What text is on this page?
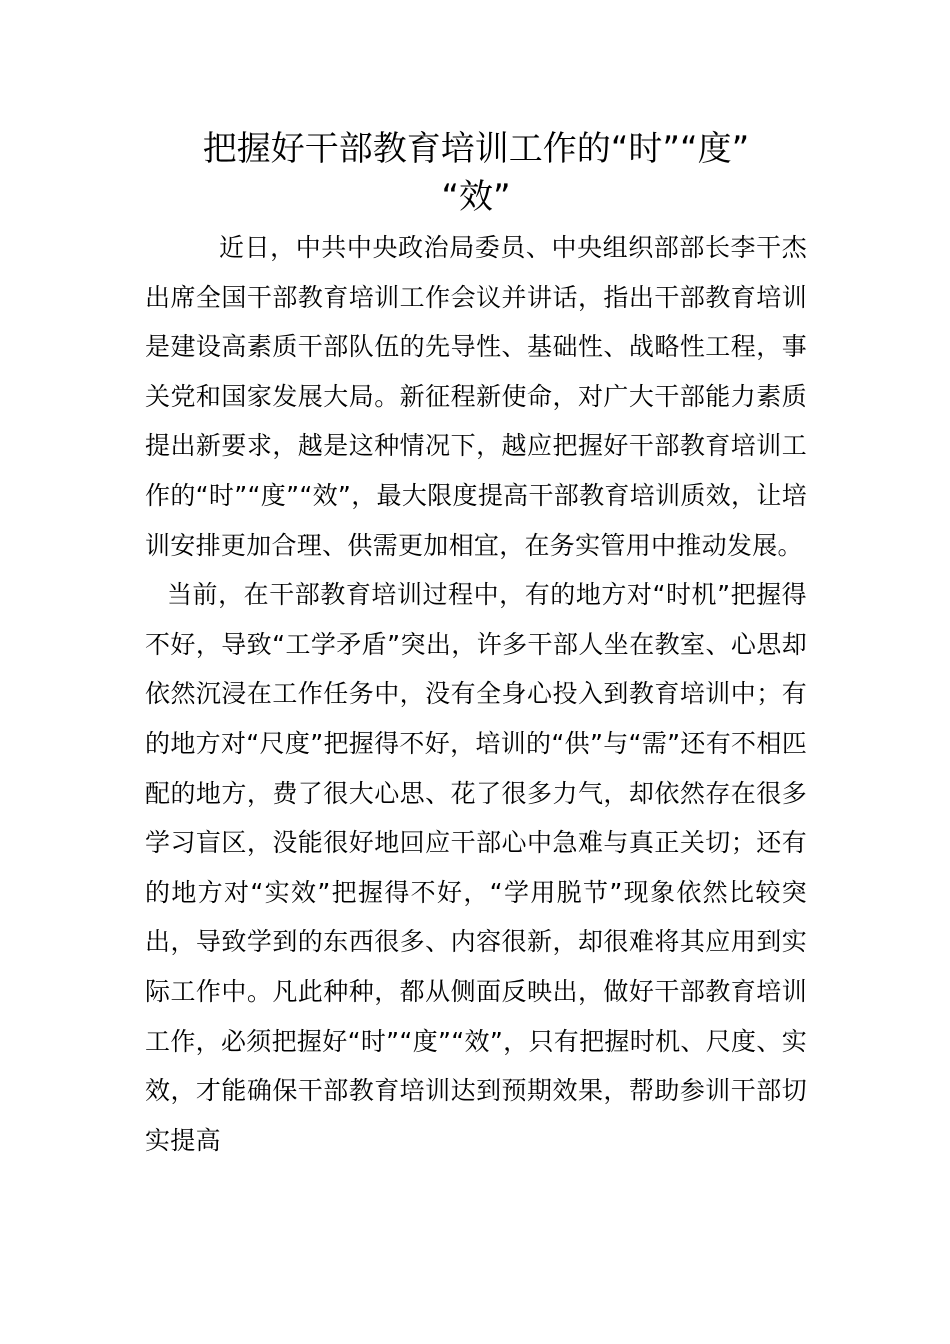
把握好干部教育培训工作的“时”“度”
“效”

近日，中共中央政治局委员、中央组织部部长李干杰出席全国干部教育培训工作会议并讲话，指出干部教育培训是建设高素质干部队伍的先导性、基础性、战略性工程，事关党和国家发展大局。新征程新使命，对广大干部能力素质提出新要求，越是这种情况下，越应把握好干部教育培训工作的“时”“度”“效”，最大限度提高干部教育培训质效，让培训安排更加合理、供需更加相宜，在务实管用中推动发展。

当前，在干部教育培训过程中，有的地方对“时机”把握得不好，导致“工学矛盾”突出，许多干部人坐在教室、心思却依然沉浸在工作任务中，没有全身心投入到教育培训中；有的地方对“尺度”把握得不好，培训的“供”与“需”还有不相匹配的地方，费了很大心思、花了很多力气，却依然存在很多学习盲区，没能很好地回应干部心中急难与真正关切；还有的地方对“实效”把握得不好，“学用脱节”现象依然比较突出，导致学到的东西很多、内容很新，却很难将其应用到实际工作中。凡此种种，都从侧面反映出，做好干部教育培训工作，必须把握好“时”“度”“效”，只有把握时机、尺度、实效，才能确保干部教育培训达到预期效果，帮助参训干部切实提高
